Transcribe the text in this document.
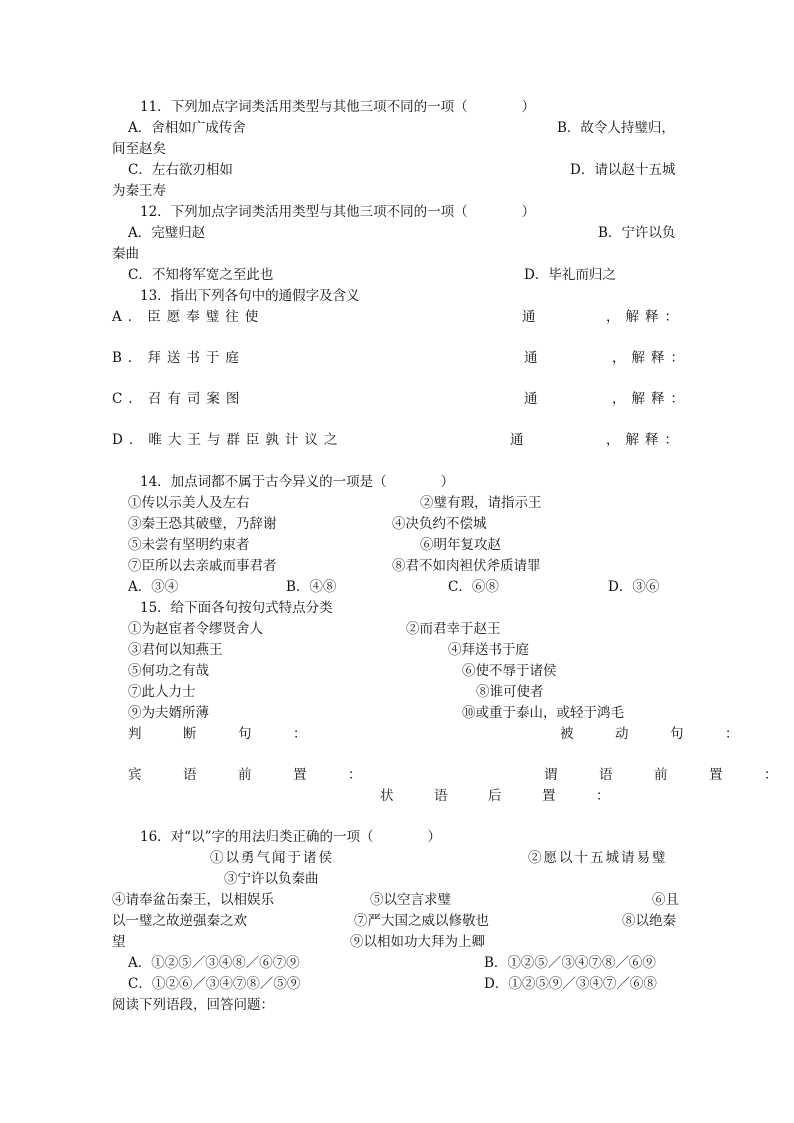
11．下列加点字词类活用类型与其他三项不同的一项（　　　　）
A．舍相如广成传舍	B．故令人持璧归，
间至赵矣
C．左右欲刃相如	D．请以赵十五城
为秦王寿
12．下列加点字词类活用类型与其他三项不同的一项（　　　　）
A．完璧归赵	B．宁许以负
秦曲
C．不知将军宽之至此也	D．毕礼而归之
13．指出下列各句中的通假字及含义
A．臣愿奉璧往使	通	，解释：
B．拜送书于庭	通	，解释：
C．召有司案图	通	，解释：
D．唯大王与群臣孰计议之	通	，解释：
14．加点词都不属于古今异义的一项是（　　　　）
①传以示美人及左右	②璧有瑕，请指示王
③秦王恐其破璧，乃辞谢	④决负约不偿城
⑤未尝有坚明约束者	⑥明年复攻赵
⑦臣所以去亲戚而事君者	⑧君不如肉袒伏斧质请罪
A．③④	B．④⑧	C．⑥⑧	D．③⑥
15．给下面各句按句式特点分类
①为赵宦者令缪贤舍人	②而君幸于赵王
③君何以知燕王	④拜送书于庭
⑤何功之有哉	⑥使不辱于诸侯
⑦此人力士	⑧谁可使者
⑨为夫婿所薄	⑩或重于泰山，或轻于鸿毛
判　断　句　：	被　动　句　：
宾　语　前　置　：	谓　语　前　置　：
状　　　语　　　后　　　置　　　：
16．对“以”字的用法归类正确的一项（　　　　）
①以勇气闻于诸侯	②愿以十五城请易璧
③宁许以负秦曲
④请奉盆缶秦王，以相娱乐	⑤以空言求璧	⑥且
以一璧之故逆强秦之欢	⑦严大国之威以修敬也	⑧以绝秦
望	⑨以相如功大拜为上卿
A．①②⑤／③④⑧／⑥⑦⑨	B．①②⑤／③④⑦⑧／⑥⑨
C．①②⑥／③④⑦⑧／⑤⑨	D．①②⑤⑨／③④⑦／⑥⑧
阅读下列语段，回答问题：
